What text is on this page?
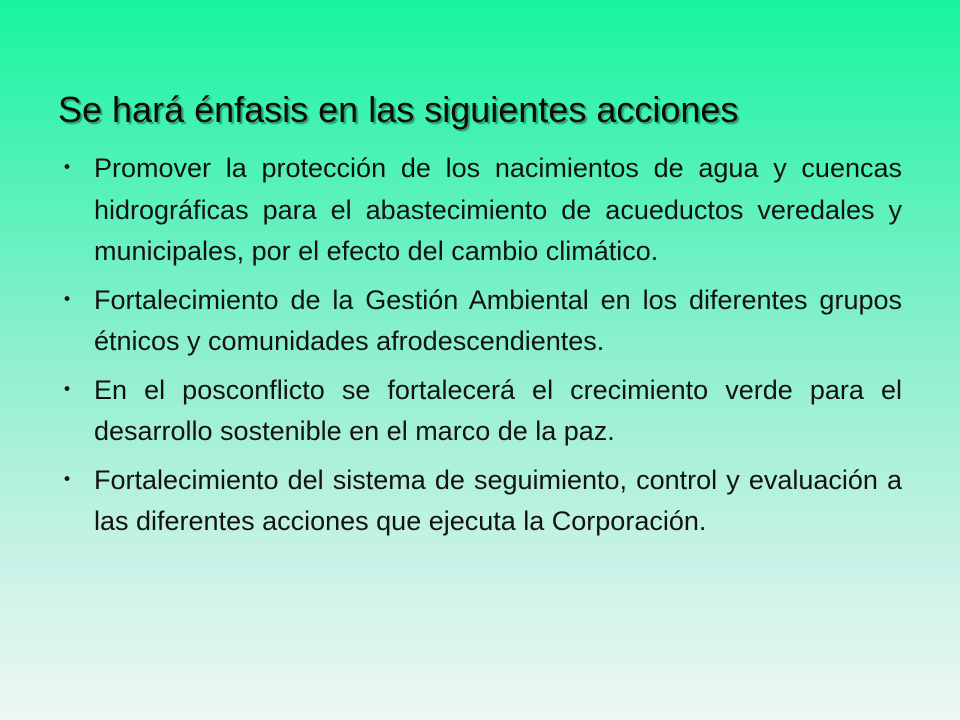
Se hará énfasis en las siguientes acciones
• Promover la protección de los nacimientos de agua y cuencas hidrográficas para el abastecimiento de acueductos veredales y municipales, por el efecto del cambio climático.
• Fortalecimiento de la Gestión Ambiental en los diferentes grupos étnicos y comunidades afrodescendientes.
• En el posconflicto se fortalecerá el crecimiento verde para el desarrollo sostenible en el marco de la paz.
• Fortalecimiento del sistema de seguimiento, control y evaluación a las diferentes acciones que ejecuta la Corporación.
